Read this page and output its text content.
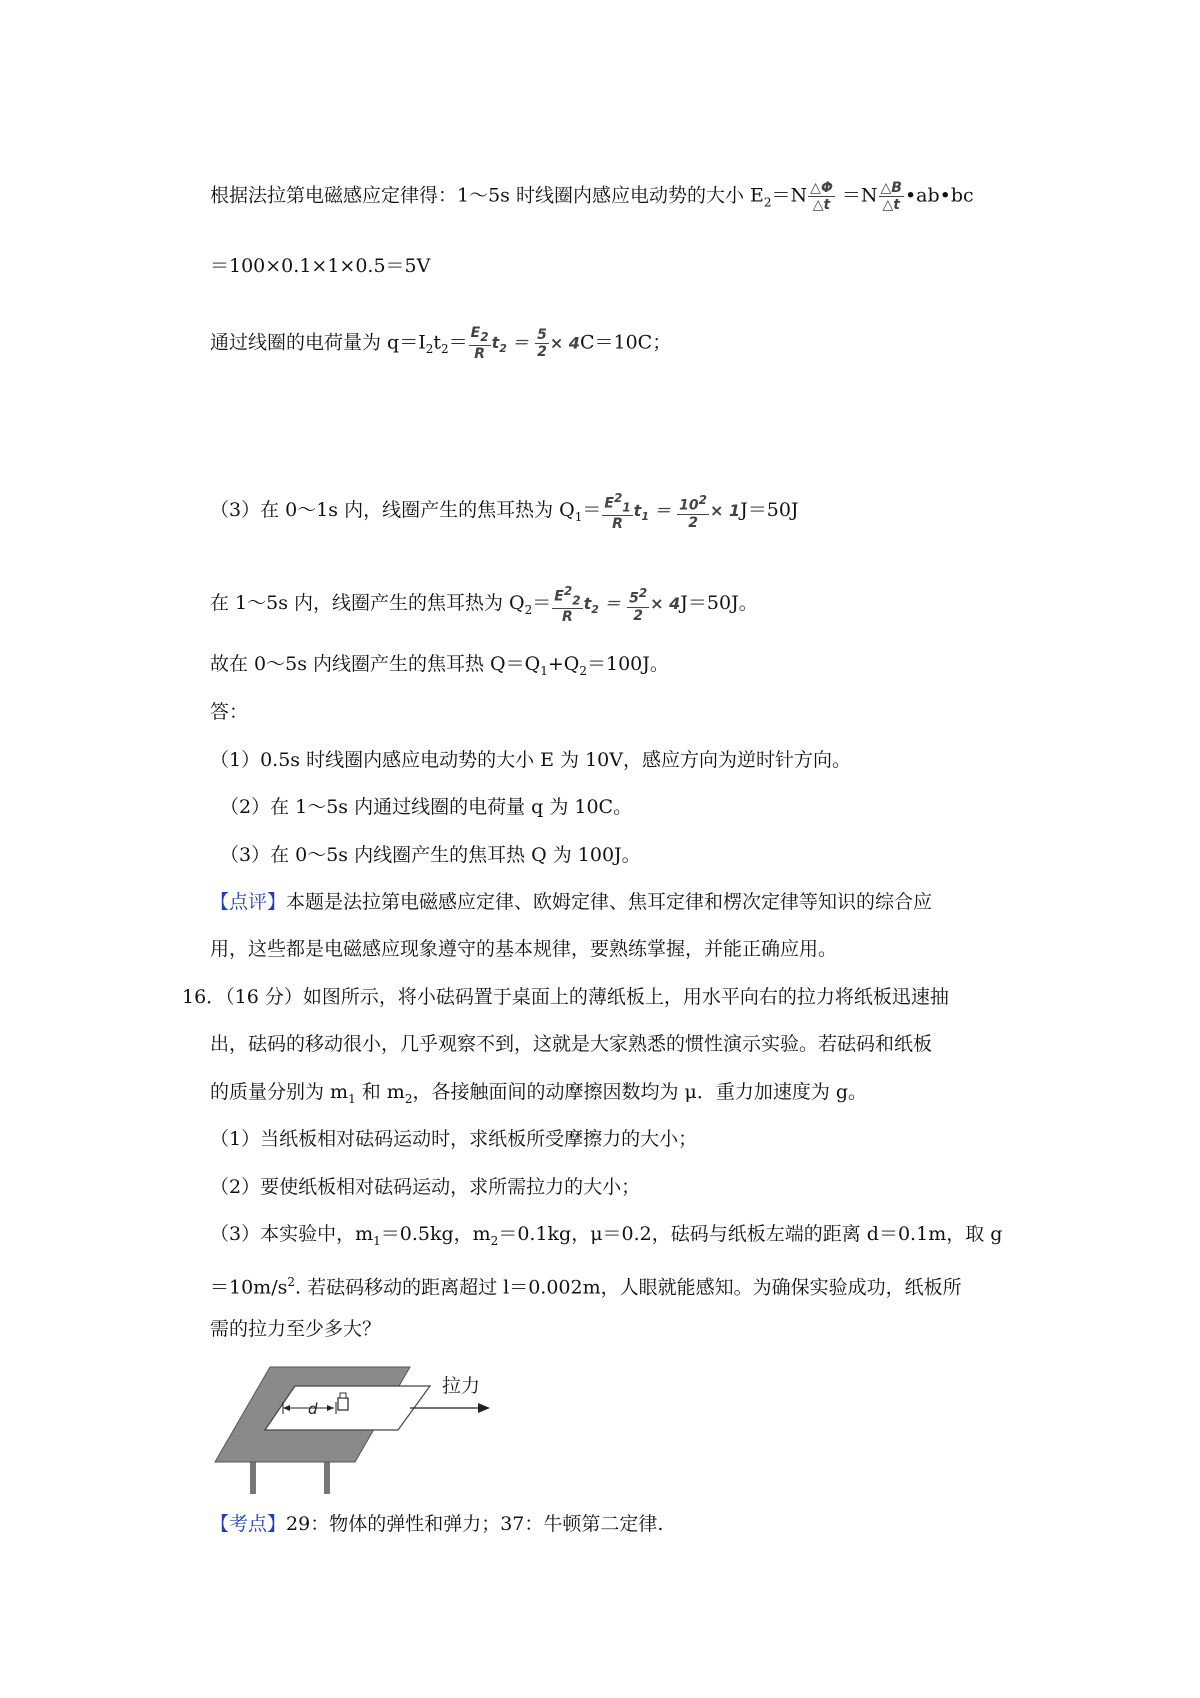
根据法拉第电磁感应定律得：1～5s 时线圈内感应电动势的大小 $E_2=N \frac{\triangle\Phi}{\triangle t} =N \frac{\triangle B}{\triangle t}$ •ab•bc
＝100×0.1×1×0.5＝5V
通过线圈的电荷量为 $q=I_2t_2= \frac{E_2}{R} t_2 = \frac{5}{2} \times 4C=10C$；
（3）在 0～1s 内，线圈产生的焦耳热为 $Q_1= \frac{E^2_1}{R} t_1 = \frac{10^2}{2} \times 1J=50J$
在 1～5s 内，线圈产生的焦耳热为 $Q_2= \frac{E^2_2}{R} t_2 = \frac{5^2}{2} \times 4J=50J$。
故在 0～5s 内线圈产生的焦耳热 $Q=Q_1+Q_2=100J$。
答：
（1）0.5s 时线圈内感应电动势的大小 E 为 10V，感应方向为逆时针方向。
（2）在 1～5s 内通过线圈的电荷量 q 为 10C。
（3）在 0～5s 内线圈产生的焦耳热 Q 为 100J。
【点评】本题是法拉第电磁感应定律、欧姆定律、焦耳定律和楞次定律等知识的综合应
用，这些都是电磁感应现象遵守的基本规律，要熟练掌握，并能正确应用。
16．（16 分）如图所示，将小砝码置于桌面上的薄纸板上，用水平向右的拉力将纸板迅速抽
出，砝码的移动很小，几乎观察不到，这就是大家熟悉的惯性演示实验。若砝码和纸板
的质量分别为 $m_1$ 和 $m_2$，各接触面间的动摩擦因数均为 μ．重力加速度为 g。
（1）当纸板相对砝码运动时，求纸板所受摩擦力的大小；
（2）要使纸板相对砝码运动，求所需拉力的大小；
（3）本实验中，$m_1=0.5kg$，$m_2=0.1kg$，μ＝0.2，砝码与纸板左端的距离 d＝0.1m，取 g
$=10m/s^2$. 若砝码移动的距离超过 l＝0.002m，人眼就能感知。为确保实验成功，纸板所
需的拉力至少多大？
d
拉力
【考点】29：物体的弹性和弹力；37：牛顿第二定律.
